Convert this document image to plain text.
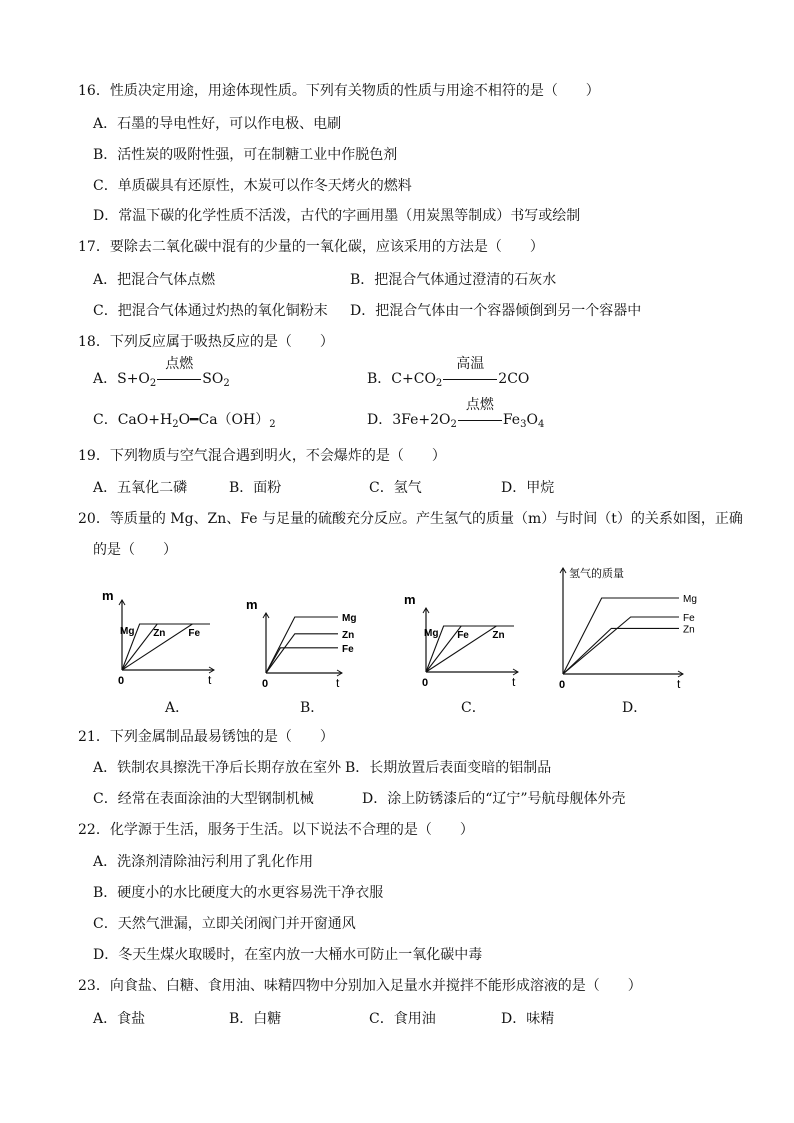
16．性质决定用途，用途体现性质。下列有关物质的性质与用途不相符的是（　　）
A．石墨的导电性好，可以作电极、电刷
B．活性炭的吸附性强，可在制糖工业中作脱色剂
C．单质碳具有还原性，木炭可以作冬天烤火的燃料
D．常温下碳的化学性质不活泼，古代的字画用墨（用炭黑等制成）书写或绘制
17．要除去二氧化碳中混有的少量的一氧化碳，应该采用的方法是（　　）
A．把混合气体点燃	B．把混合气体通过澄清的石灰水
C．把混合气体通过灼热的氧化铜粉末 D．把混合气体由一个容器倾倒到另一个容器中
18．下列反应属于吸热反应的是（　　）
A．$S+O_2$
点燃
$SO_2$	B．$C+CO_2$
高温
2CO
C．$CaO+H_2O━Ca(OH)_2$	D．$3Fe+2O_2$
点燃
$Fe_3O_4$
19．下列物质与空气混合遇到明火，不会爆炸的是（　　）
A．五氧化二磷	B．面粉	C．氢气	D．甲烷
20．等质量的 Mg、Zn、Fe 与足量的硫酸充分反应。产生氢气的质量（m）与时间（t）的关系如图，正确
的是（　　）
m
t
0
Mg Zn Fe
m
t
0
Mg
Zn
Fe
m
t
0
Mg Fe Zn
氢气的质量
t
0
Mg
Fe
Zn
A．	B．	C．	D．
21．下列金属制品最易锈蚀的是（　　）
A．铁制农具擦洗干净后长期存放在室外 B．长期放置后表面变暗的铝制品
C．经常在表面涂油的大型钢制机械	D．涂上防锈漆后的“辽宁”号航母舰体外壳
22．化学源于生活，服务于生活。以下说法不合理的是（　　）
A．洗涤剂清除油污利用了乳化作用
B．硬度小的水比硬度大的水更容易洗干净衣服
C．天然气泄漏，立即关闭阀门并开窗通风
D．冬天生煤火取暖时，在室内放一大桶水可防止一氧化碳中毒
23．向食盐、白糖、食用油、味精四物中分别加入足量水并搅拌不能形成溶液的是（　　）
A．食盐	B．白糖	C．食用油	D．味精
